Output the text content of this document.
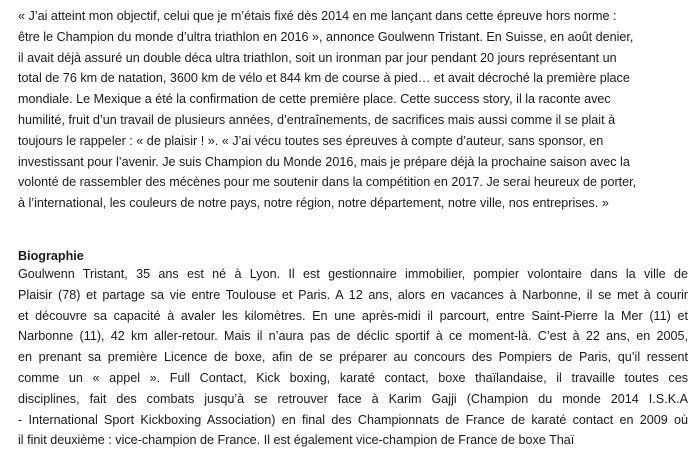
« J’ai atteint mon objectif, celui que je m’étais fixé dès 2014 en me lançant dans cette épreuve hors norme :
être le Champion du monde d’ultra triathlon en 2016 », annonce Goulwenn Tristant. En Suisse, en août denier,
il avait déjà assuré un double déca ultra triathlon, soit un ironman par jour pendant 20 jours représentant un
total de 76 km de natation, 3600 km de vélo et 844 km de course à pied… et avait décroché la première place
mondiale. Le Mexique a été la confirmation de cette première place. Cette success story, il la raconte avec
humilité, fruit d’un travail de plusieurs années, d’entraînements, de sacrifices mais aussi comme il se plait à
toujours le rappeler : « de plaisir ! ». « J’ai vécu toutes ses épreuves à compte d’auteur, sans sponsor, en
investissant pour l’avenir. Je suis Champion du Monde 2016, mais je prépare déjà la prochaine saison avec la
volonté de rassembler des mécènes pour me soutenir dans la compétition en 2017. Je serai heureux de porter,
à l’international, les couleurs de notre pays, notre région, notre département, notre ville, nos entreprises. »
Biographie
Goulwenn Tristant, 35 ans est né à Lyon. Il est gestionnaire immobilier, pompier volontaire dans la ville de
Plaisir (78) et partage sa vie entre Toulouse et Paris. A 12 ans, alors en vacances à Narbonne, il se met à courir
et découvre sa capacité à avaler les kilomètres. En une après-midi il parcourt, entre Saint-Pierre la Mer (11) et
Narbonne (11), 42 km aller-retour. Mais il n’aura pas de déclic sportif à ce moment-là. C’est à 22 ans, en 2005,
en prenant sa première Licence de boxe, afin de se préparer au concours des Pompiers de Paris, qu’il ressent
comme un « appel ». Full Contact, Kick boxing, karaté contact, boxe thaïlandaise, il travaille toutes ces
disciplines, fait des combats jusqu’à se retrouver face à Karim Gajji (Champion du monde 2014 I.S.K.A
- International Sport Kickboxing Association) en final des Championnats de France de karaté contact en 2009 où
il finit deuxième : vice-champion de France. Il est également vice-champion de France de boxe Thaï
